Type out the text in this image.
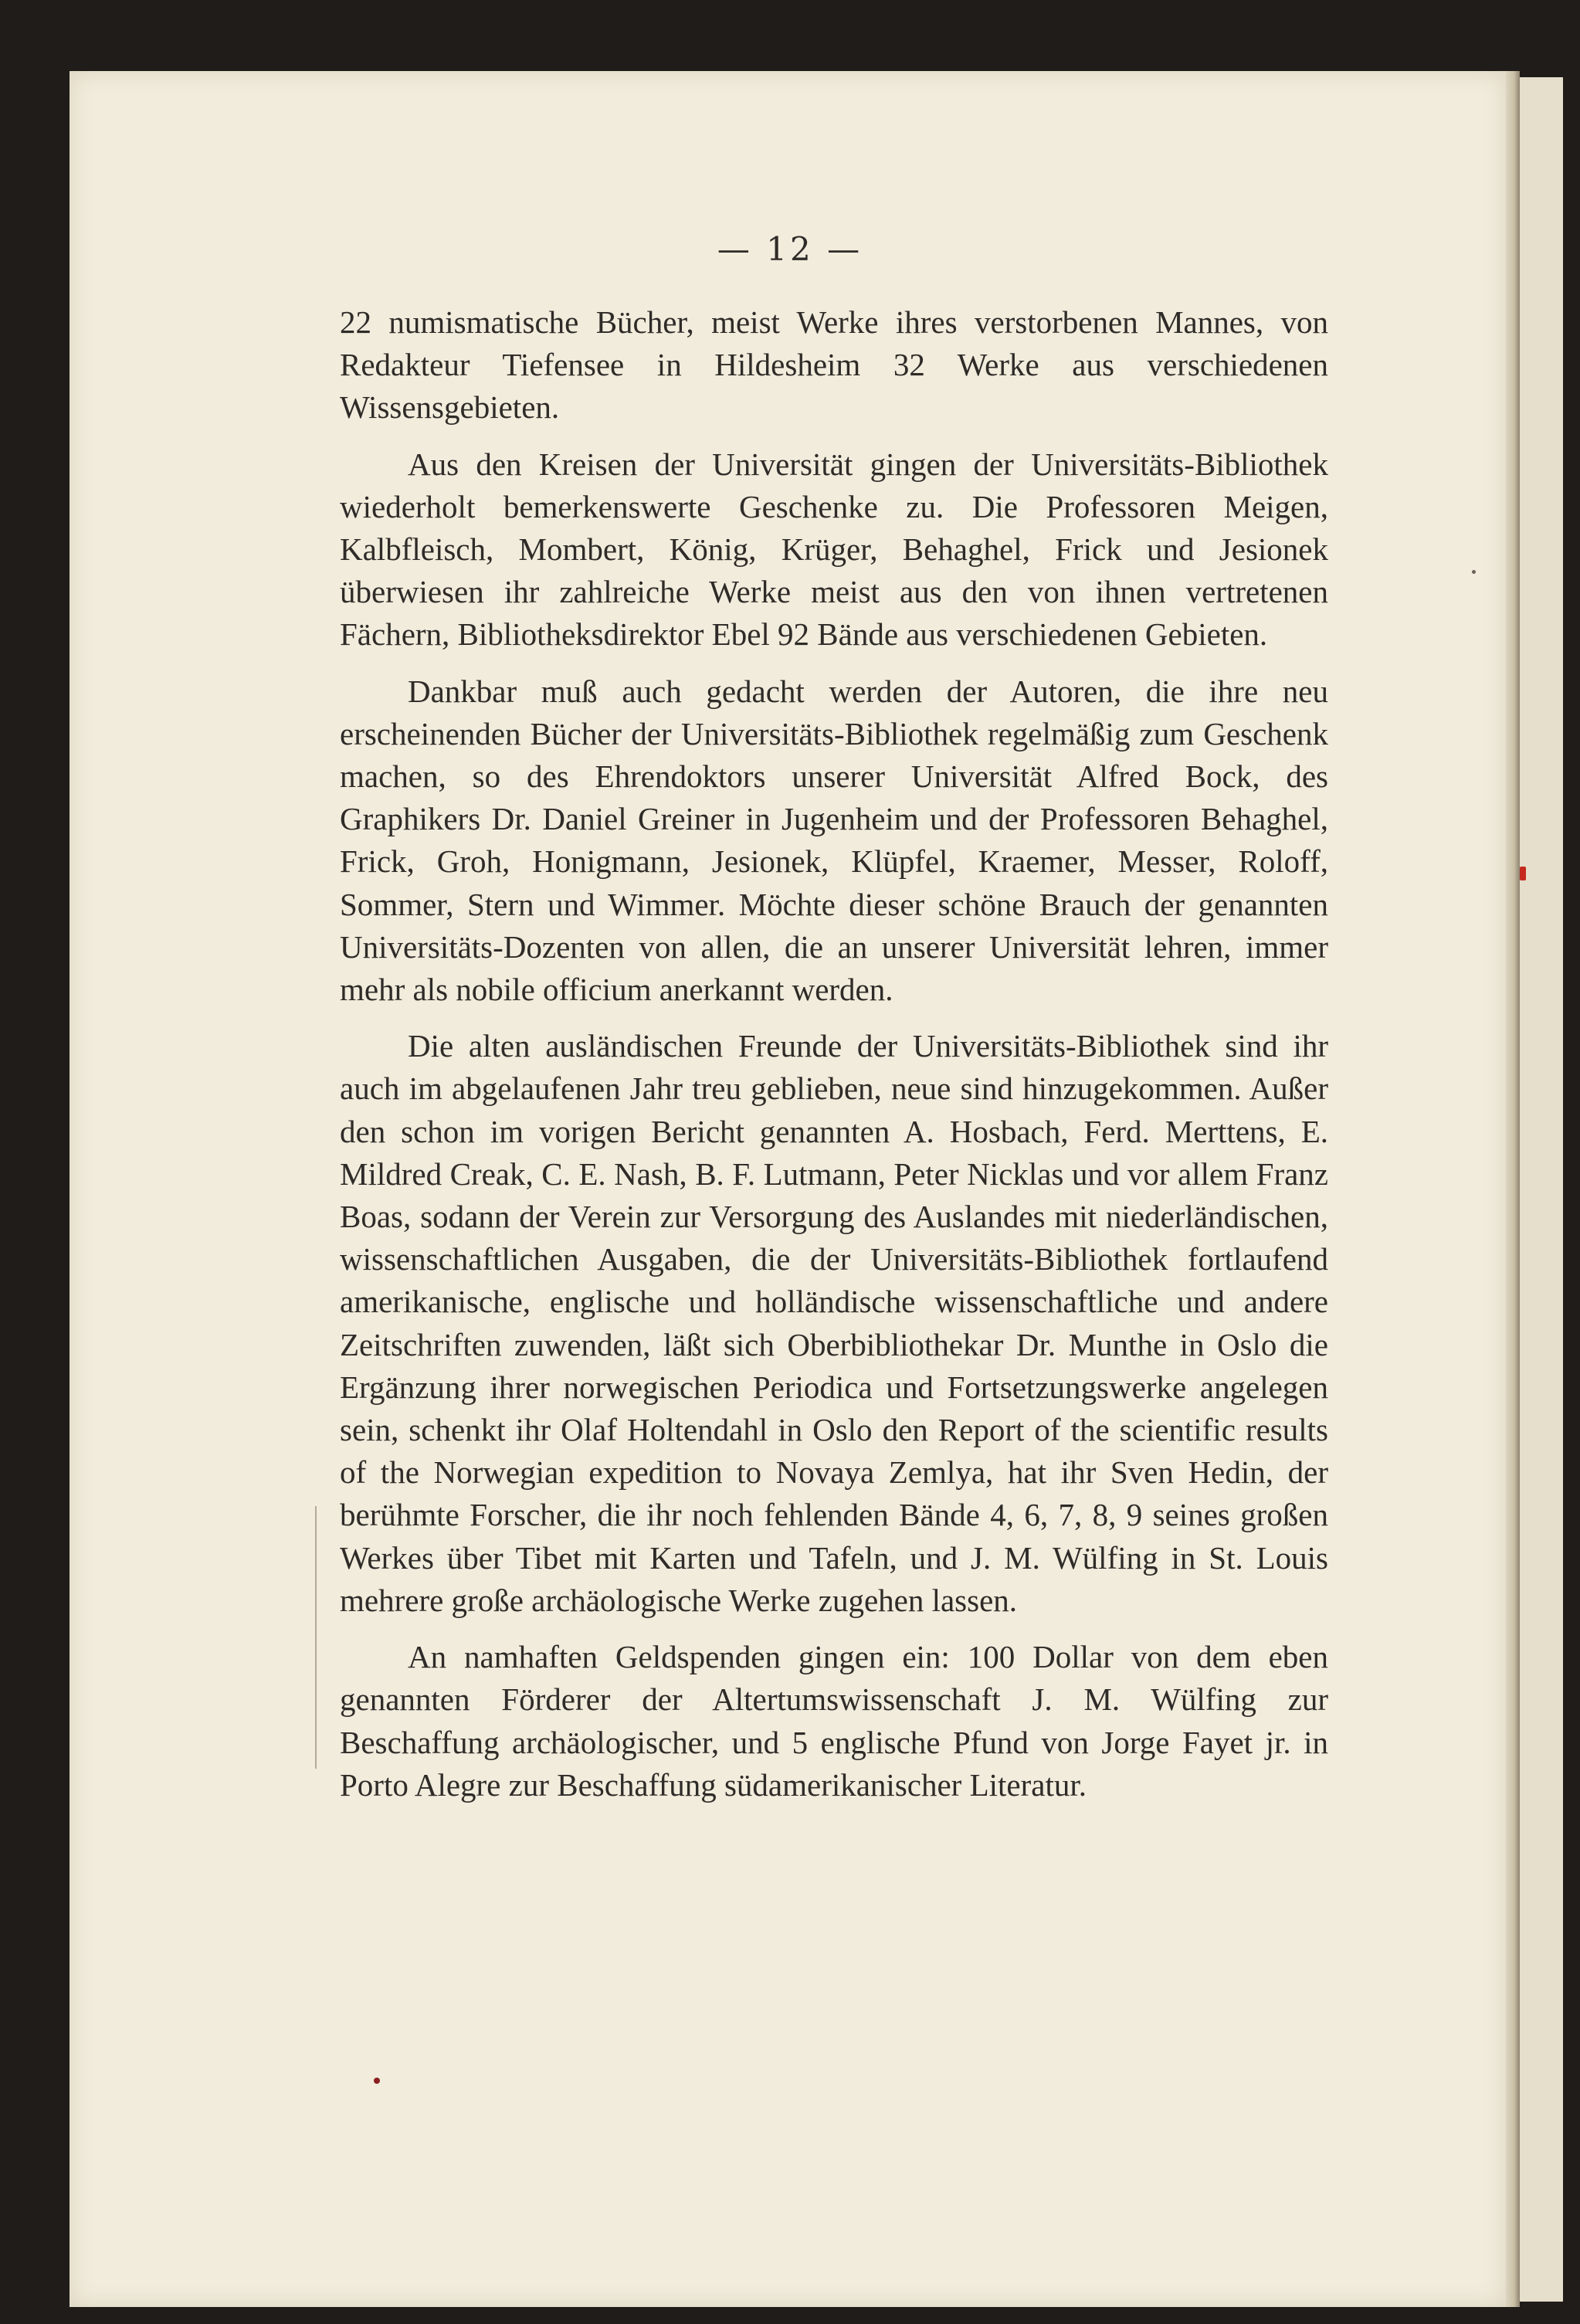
— 12 —

22 numismatische Bücher, meist Werke ihres verstorbenen Mannes, von Redakteur Tiefensee in Hildesheim 32 Werke aus verschiedenen Wissensgebieten.

Aus den Kreisen der Universität gingen der Universitäts-Bibliothek wiederholt bemerkenswerte Geschenke zu. Die Professoren Meigen, Kalbfleisch, Mombert, König, Krüger, Behaghel, Frick und Jesionek überwiesen ihr zahlreiche Werke meist aus den von ihnen vertretenen Fächern, Bibliotheksdirektor Ebel 92 Bände aus verschiedenen Gebieten.

Dankbar muß auch gedacht werden der Autoren, die ihre neu erscheinenden Bücher der Universitäts-Bibliothek regelmäßig zum Geschenk machen, so des Ehrendoktors unserer Universität Alfred Bock, des Graphikers Dr. Daniel Greiner in Jugenheim und der Professoren Behaghel, Frick, Groh, Honigmann, Jesionek, Klüpfel, Kraemer, Messer, Roloff, Sommer, Stern und Wimmer. Möchte dieser schöne Brauch der genannten Universitäts-Dozenten von allen, die an unserer Universität lehren, immer mehr als nobile officium anerkannt werden.

Die alten ausländischen Freunde der Universitäts-Bibliothek sind ihr auch im abgelaufenen Jahr treu geblieben, neue sind hinzugekommen. Außer den schon im vorigen Bericht genannten A. Hosbach, Ferd. Merttens, E. Mildred Creak, C. E. Nash, B. F. Lutmann, Peter Nicklas und vor allem Franz Boas, sodann der Verein zur Versorgung des Auslandes mit niederländischen, wissenschaftlichen Ausgaben, die der Universitäts-Bibliothek fortlaufend amerikanische, englische und holländische wissenschaftliche und andere Zeitschriften zuwenden, läßt sich Oberbibliothekar Dr. Munthe in Oslo die Ergänzung ihrer norwegischen Periodica und Fortsetzungswerke angelegen sein, schenkt ihr Olaf Holtendahl in Oslo den Report of the scientific results of the Norwegian expedition to Novaya Zemlya, hat ihr Sven Hedin, der berühmte Forscher, die ihr noch fehlenden Bände 4, 6, 7, 8, 9 seines großen Werkes über Tibet mit Karten und Tafeln, und J. M. Wülfing in St. Louis mehrere große archäologische Werke zugehen lassen.

An namhaften Geldspenden gingen ein: 100 Dollar von dem eben genannten Förderer der Altertumswissenschaft J. M. Wülfing zur Beschaffung archäologischer, und 5 englische Pfund von Jorge Fayet jr. in Porto Alegre zur Beschaffung südamerikanischer Literatur.
